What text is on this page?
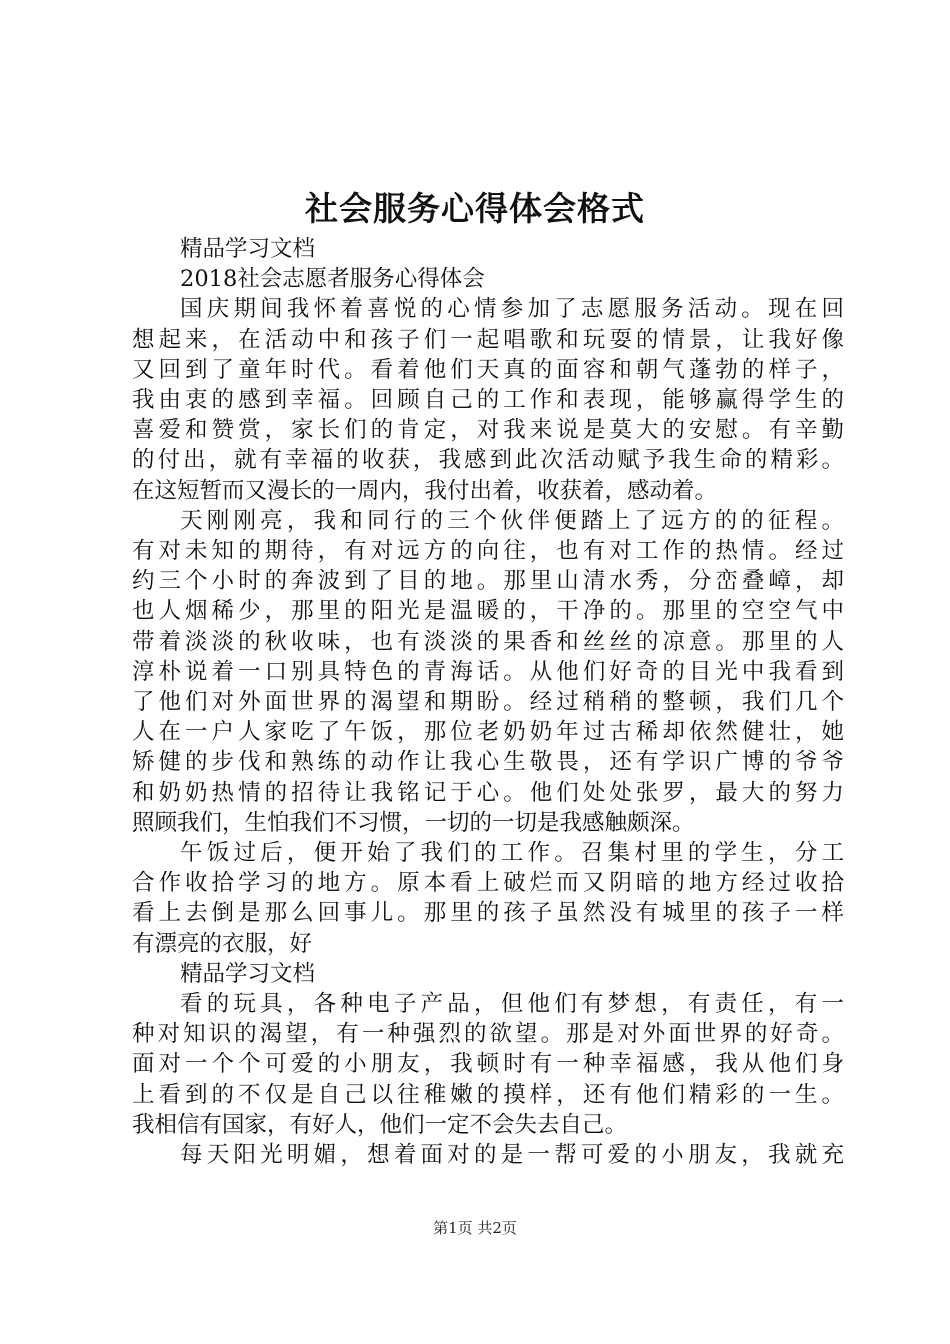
社会服务心得体会格式
精品学习文档
2018社会志愿者服务心得体会
国庆期间我怀着喜悦的心情参加了志愿服务活动。现在回
想起来，在活动中和孩子们一起唱歌和玩耍的情景，让我好像
又回到了童年时代。看着他们天真的面容和朝气蓬勃的样子，
我由衷的感到幸福。回顾自己的工作和表现，能够赢得学生的
喜爱和赞赏，家长们的肯定，对我来说是莫大的安慰。有辛勤
的付出，就有幸福的收获，我感到此次活动赋予我生命的精彩。
在这短暂而又漫长的一周内，我付出着，收获着，感动着。
天刚刚亮，我和同行的三个伙伴便踏上了远方的的征程。
有对未知的期待，有对远方的向往，也有对工作的热情。经过
约三个小时的奔波到了目的地。那里山清水秀，分峦叠嶂，却
也人烟稀少，那里的阳光是温暖的，干净的。那里的空空气中
带着淡淡的秋收味，也有淡淡的果香和丝丝的凉意。那里的人
淳朴说着一口别具特色的青海话。从他们好奇的目光中我看到
了他们对外面世界的渴望和期盼。经过稍稍的整顿，我们几个
人在一户人家吃了午饭，那位老奶奶年过古稀却依然健壮，她
矫健的步伐和熟练的动作让我心生敬畏，还有学识广博的爷爷
和奶奶热情的招待让我铭记于心。他们处处张罗，最大的努力
照顾我们，生怕我们不习惯，一切的一切是我感触颇深。
午饭过后，便开始了我们的工作。召集村里的学生，分工
合作收拾学习的地方。原本看上破烂而又阴暗的地方经过收拾
看上去倒是那么回事儿。那里的孩子虽然没有城里的孩子一样
有漂亮的衣服，好
精品学习文档
看的玩具，各种电子产品，但他们有梦想，有责任，有一
种对知识的渴望，有一种强烈的欲望。那是对外面世界的好奇。
面对一个个可爱的小朋友，我顿时有一种幸福感，我从他们身
上看到的不仅是自己以往稚嫩的摸样，还有他们精彩的一生。
我相信有国家，有好人，他们一定不会失去自己。
每天阳光明媚，想着面对的是一帮可爱的小朋友，我就充
第1页 共2页
